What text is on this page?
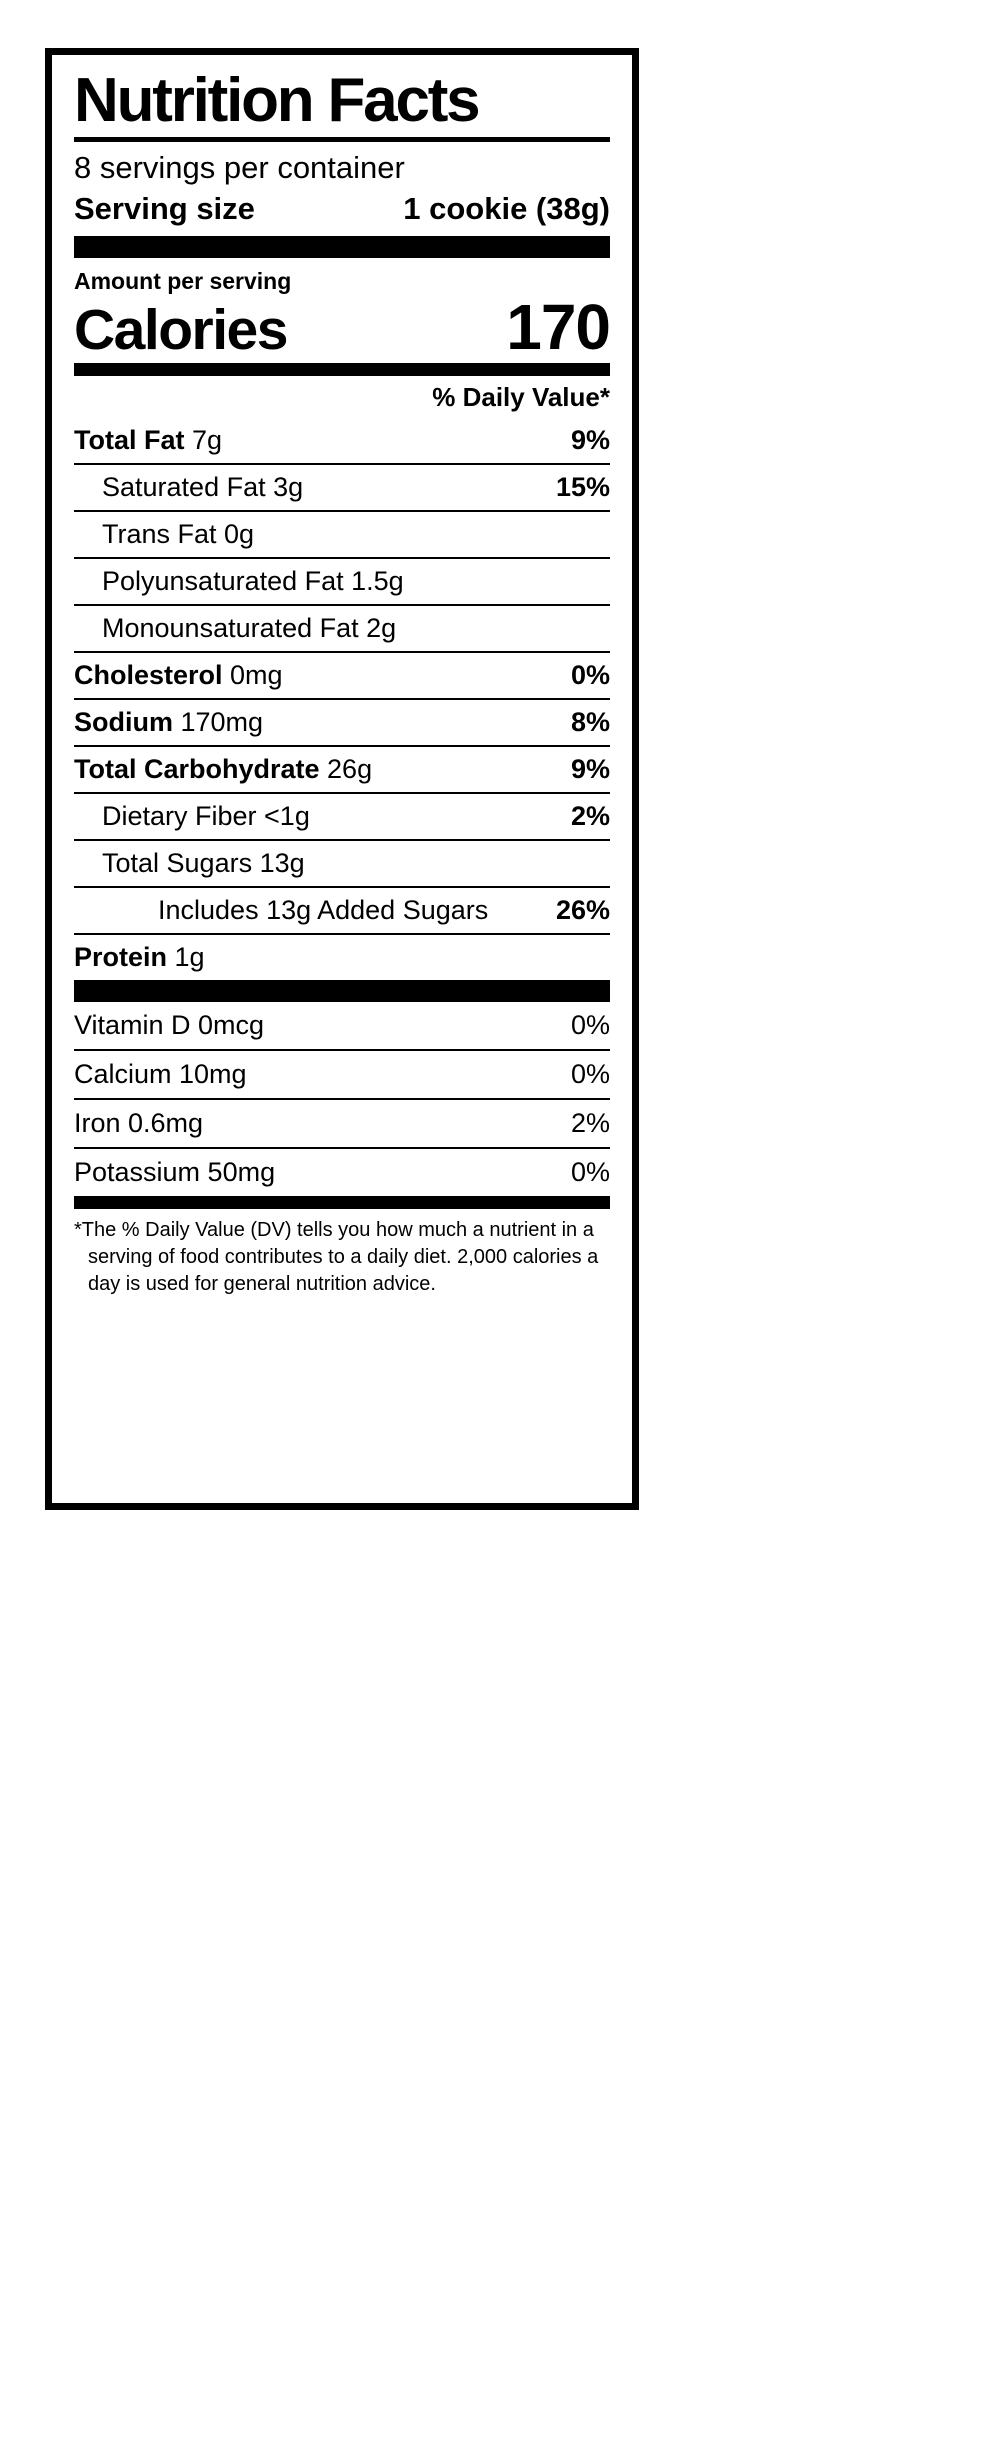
Nutrition Facts
8 servings per container
Serving size	1 cookie (38g)
Amount per serving
Calories	170
% Daily Value*
Total Fat 7g	9%
Saturated Fat 3g	15%
Trans Fat 0g
Polyunsaturated Fat 1.5g
Monounsaturated Fat 2g
Cholesterol 0mg	0%
Sodium 170mg	8%
Total Carbohydrate 26g	9%
Dietary Fiber <1g	2%
Total Sugars 13g
Includes 13g Added Sugars	26%
Protein 1g
Vitamin D 0mcg	0%
Calcium 10mg	0%
Iron 0.6mg	2%
Potassium 50mg	0%
*The % Daily Value (DV) tells you how much a nutrient in a
serving of food contributes to a daily diet. 2,000 calories a
day is used for general nutrition advice.
